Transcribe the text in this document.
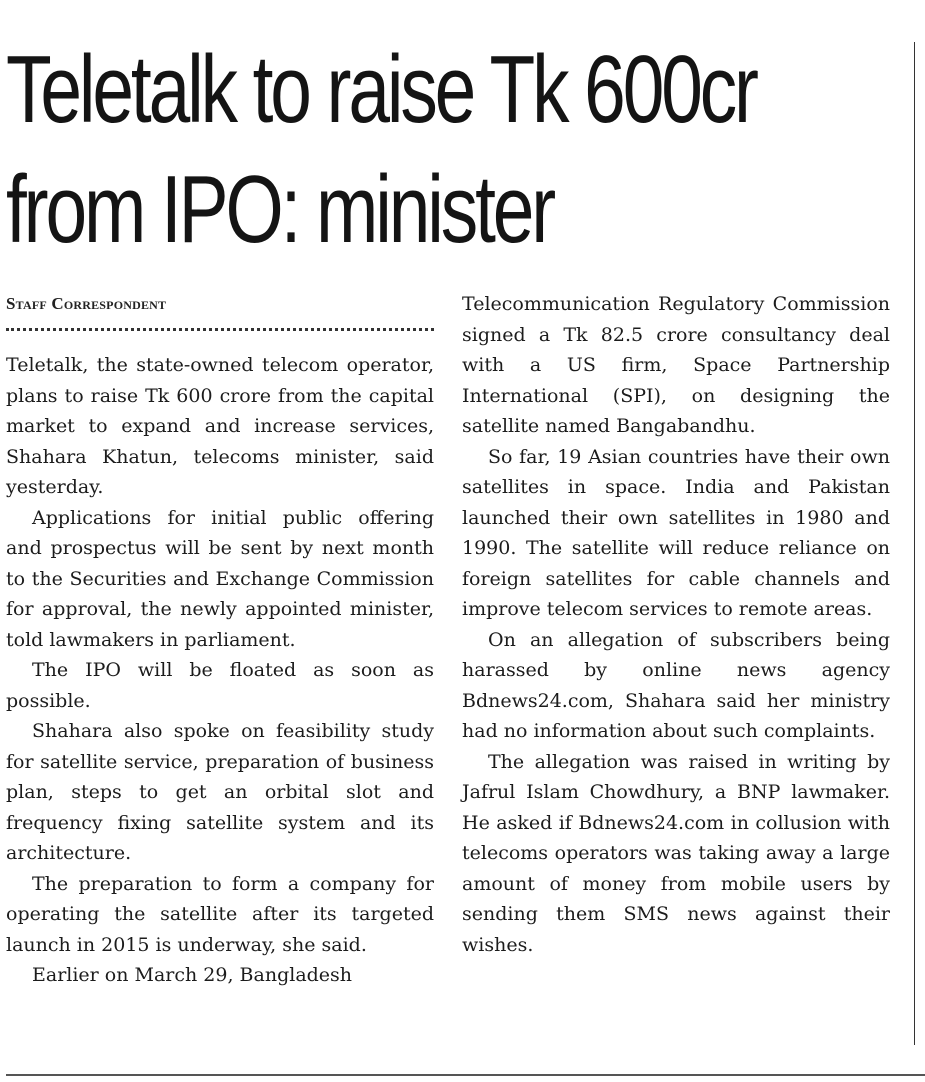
Teletalk to raise Tk 600cr
from IPO: minister
Staff Correspondent

Teletalk, the state-owned telecom operator, plans to raise Tk 600 crore from the capital market to expand and increase services, Shahara Khatun, telecoms minister, said yesterday.

Applications for initial public offering and prospectus will be sent by next month to the Securities and Exchange Commission for approval, the newly appointed minister, told lawmakers in parliament.

The IPO will be floated as soon as possible.

Shahara also spoke on feasibility study for satellite service, preparation of business plan, steps to get an orbital slot and frequency fixing satellite system and its architecture.

The preparation to form a company for operating the satellite after its targeted launch in 2015 is underway, she said.

Earlier on March 29, Bangladesh

Telecommunication Regulatory Commission signed a Tk 82.5 crore consultancy deal with a US firm, Space Partnership International (SPI), on designing the satellite named Bangabandhu.

So far, 19 Asian countries have their own satellites in space. India and Pakistan launched their own satellites in 1980 and 1990. The satellite will reduce reliance on foreign satellites for cable channels and improve telecom services to remote areas.

On an allegation of subscribers being harassed by online news agency Bdnews24.com, Shahara said her ministry had no information about such complaints.

The allegation was raised in writing by Jafrul Islam Chowdhury, a BNP lawmaker. He asked if Bdnews24.com in collusion with telecoms operators was taking away a large amount of money from mobile users by sending them SMS news against their wishes.
